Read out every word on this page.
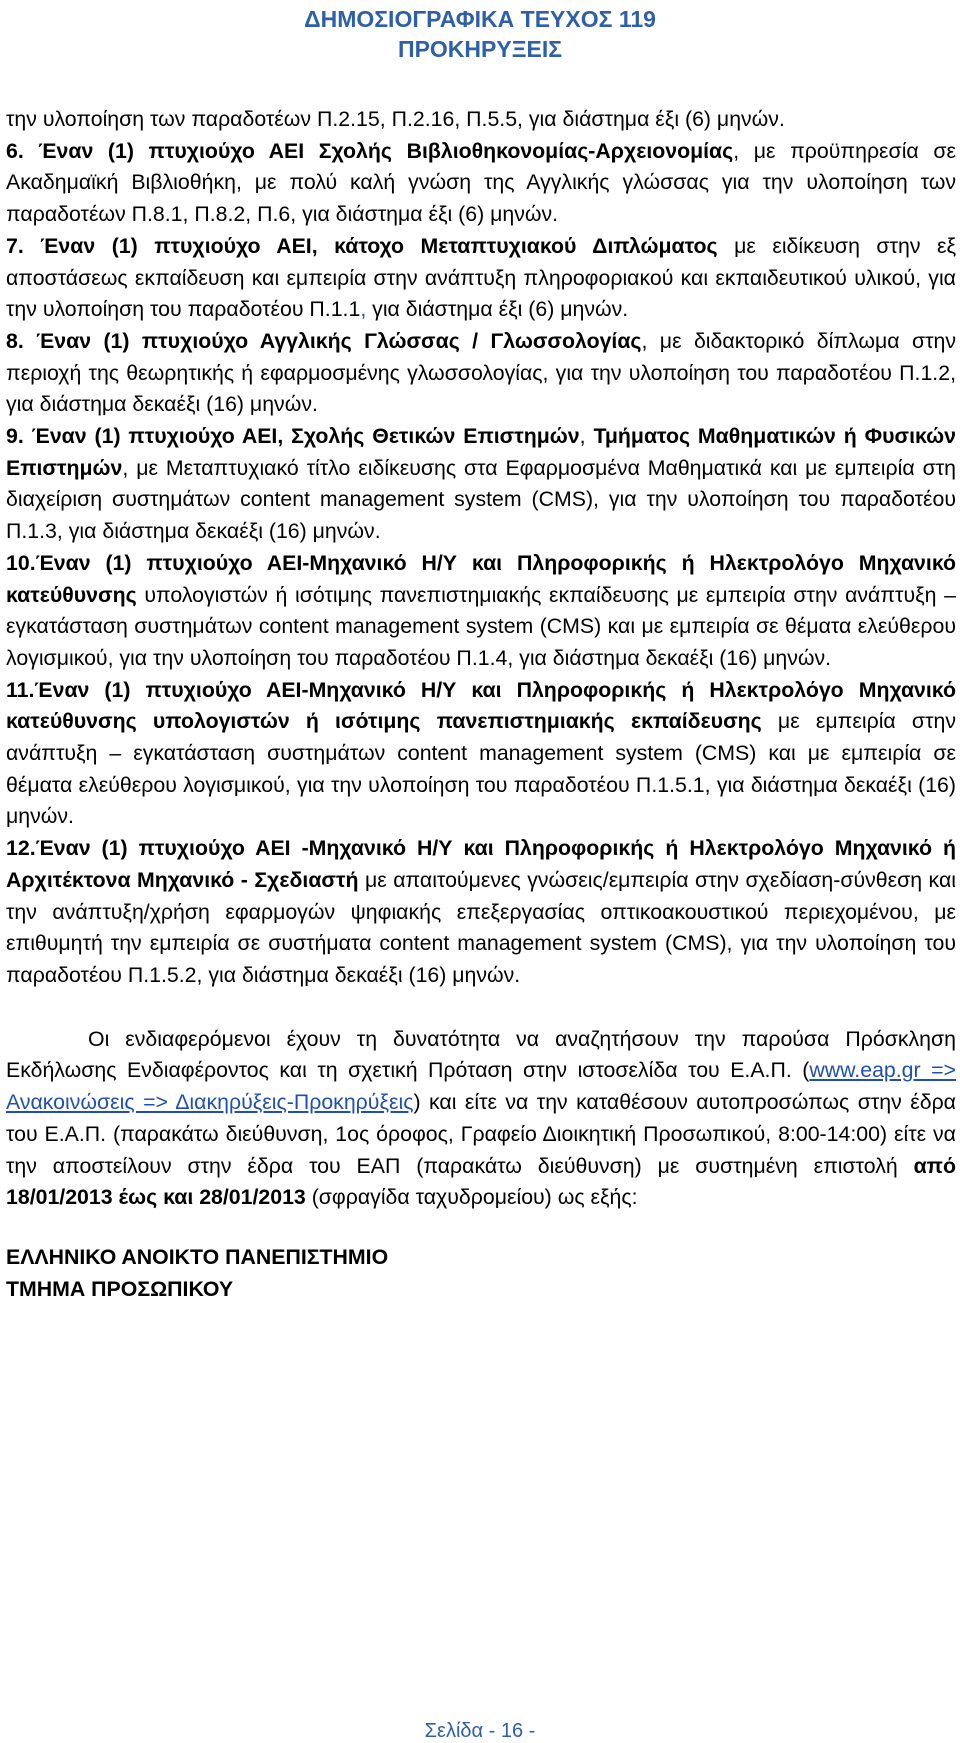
ΔΗΜΟΣΙΟΓΡΑΦΙΚΑ ΤΕΥΧΟΣ 119
ΠΡΟΚΗΡΥΞΕΙΣ

την υλοποίηση των παραδοτέων Π.2.15, Π.2.16, Π.5.5, για διάστημα έξι (6) μηνών.

6. Έναν (1) πτυχιούχο ΑΕΙ Σχολής Βιβλιοθηκονομίας-Αρχειονομίας, με προϋπηρεσία σε Ακαδημαϊκή Βιβλιοθήκη, με πολύ καλή γνώση της Αγγλικής γλώσσας για την υλοποίηση των παραδοτέων Π.8.1, Π.8.2, Π.6, για διάστημα έξι (6) μηνών.

7. Έναν (1) πτυχιούχο ΑΕΙ, κάτοχο Μεταπτυχιακού Διπλώματος με ειδίκευση στην εξ αποστάσεως εκπαίδευση και εμπειρία στην ανάπτυξη πληροφοριακού και εκπαιδευτικού υλικού, για την υλοποίηση του παραδοτέου Π.1.1, για διάστημα έξι (6) μηνών.

8. Έναν (1) πτυχιούχο Αγγλικής Γλώσσας / Γλωσσολογίας, με διδακτορικό δίπλωμα στην περιοχή της θεωρητικής ή εφαρμοσμένης γλωσσολογίας, για την υλοποίηση του παραδοτέου Π.1.2, για διάστημα δεκαέξι (16) μηνών.

9. Έναν (1) πτυχιούχο ΑΕΙ, Σχολής Θετικών Επιστημών, Τμήματος Μαθηματικών ή Φυσικών Επιστημών, με Μεταπτυχιακό τίτλο ειδίκευσης στα Εφαρμοσμένα Μαθηματικά και με εμπειρία στη διαχείριση συστημάτων content management system (CMS), για την υλοποίηση του παραδοτέου Π.1.3, για διάστημα δεκαέξι (16) μηνών.

10.Έναν (1) πτυχιούχο ΑΕΙ-Μηχανικό Η/Υ και Πληροφορικής ή Ηλεκτρολόγο Μηχανικό κατεύθυνσης υπολογιστών ή ισότιμης πανεπιστημιακής εκπαίδευσης με εμπειρία στην ανάπτυξη – εγκατάσταση συστημάτων content management system (CMS) και με εμπειρία σε θέματα ελεύθερου λογισμικού, για την υλοποίηση του παραδοτέου Π.1.4, για διάστημα δεκαέξι (16) μηνών.

11.Έναν (1) πτυχιούχο ΑΕΙ-Μηχανικό Η/Υ και Πληροφορικής ή Ηλεκτρολόγο Μηχανικό κατεύθυνσης υπολογιστών ή ισότιμης πανεπιστημιακής εκπαίδευσης με εμπειρία στην ανάπτυξη – εγκατάσταση συστημάτων content management system (CMS) και με εμπειρία σε θέματα ελεύθερου λογισμικού, για την υλοποίηση του παραδοτέου Π.1.5.1, για διάστημα δεκαέξι (16) μηνών.

12.Έναν (1) πτυχιούχο ΑΕΙ -Μηχανικό Η/Υ και Πληροφορικής ή Ηλεκτρολόγο Μηχανικό ή Αρχιτέκτονα Μηχανικό - Σχεδιαστή με απαιτούμενες γνώσεις/εμπειρία στην σχεδίαση-σύνθεση και την ανάπτυξη/χρήση εφαρμογών ψηφιακής επεξεργασίας οπτικοακουστικού περιεχομένου, με επιθυμητή την εμπειρία σε συστήματα content management system (CMS), για την υλοποίηση του παραδοτέου Π.1.5.2, για διάστημα δεκαέξι (16) μηνών.

Οι ενδιαφερόμενοι έχουν τη δυνατότητα να αναζητήσουν την παρούσα Πρόσκληση Εκδήλωσης Ενδιαφέροντος και τη σχετική Πρόταση στην ιστοσελίδα του Ε.Α.Π. (www.eap.gr => Ανακοινώσεις => Διακηρύξεις-Προκηρύξεις) και είτε να την καταθέσουν αυτοπροσώπως στην έδρα του Ε.Α.Π. (παρακάτω διεύθυνση, 1ος όροφος, Γραφείο Διοικητική Προσωπικού, 8:00-14:00) είτε να την αποστείλουν στην έδρα του ΕΑΠ (παρακάτω διεύθυνση) με συστημένη επιστολή από 18/01/2013 έως και 28/01/2013 (σφραγίδα ταχυδρομείου) ως εξής:

ΕΛΛΗΝΙΚΟ ΑΝΟΙΚΤΟ ΠΑΝΕΠΙΣΤΗΜΙΟ

ΤΜΗΜΑ ΠΡΟΣΩΠΙΚΟΥ

Σελίδα - 16 -
